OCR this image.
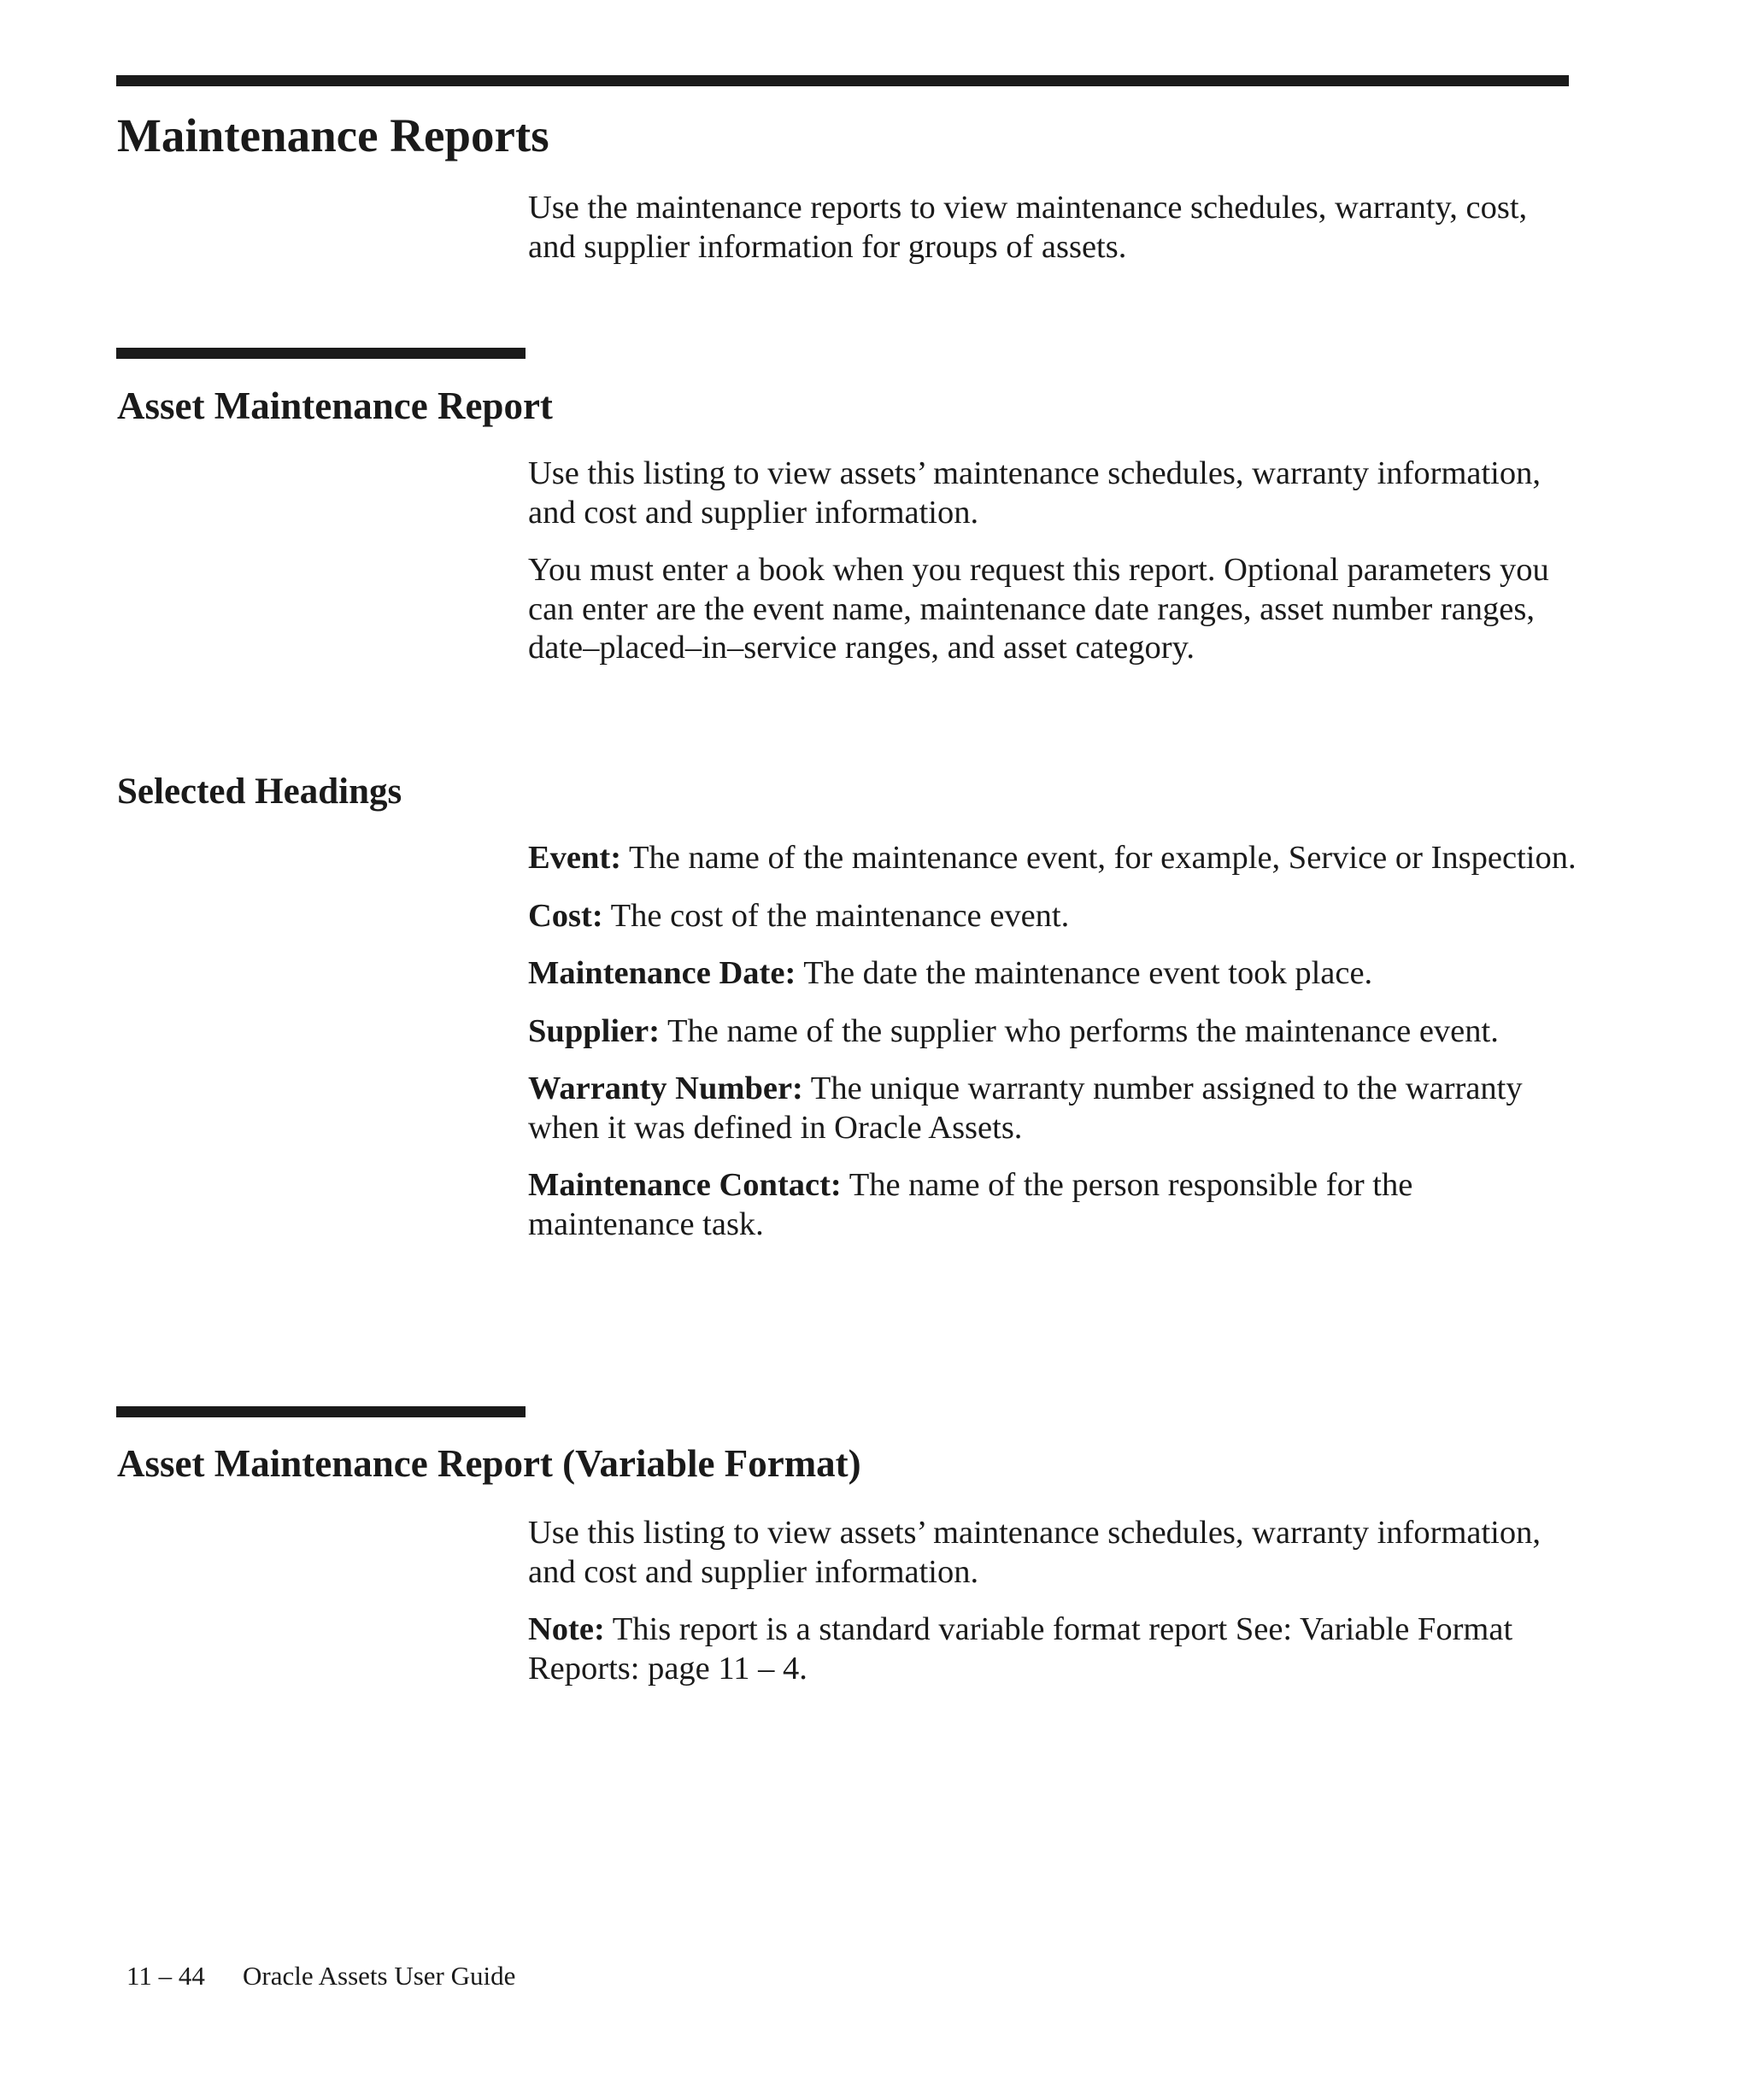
Maintenance Reports

Use the maintenance reports to view maintenance schedules, warranty, cost, and supplier information for groups of assets.

Asset Maintenance Report

Use this listing to view assets’ maintenance schedules, warranty information, and cost and supplier information.

You must enter a book when you request this report. Optional parameters you can enter are the event name, maintenance date ranges, asset number ranges, date–placed–in–service ranges, and asset category.

Selected Headings

Event: The name of the maintenance event, for example, Service or Inspection.

Cost: The cost of the maintenance event.

Maintenance Date: The date the maintenance event took place.

Supplier: The name of the supplier who performs the maintenance event.

Warranty Number: The unique warranty number assigned to the warranty when it was defined in Oracle Assets.

Maintenance Contact: The name of the person responsible for the maintenance task.

Asset Maintenance Report (Variable Format)

Use this listing to view assets’ maintenance schedules, warranty information, and cost and supplier information.

Note: This report is a standard variable format report See: Variable Format Reports: page 11 – 4.

11 – 44 Oracle Assets User Guide
